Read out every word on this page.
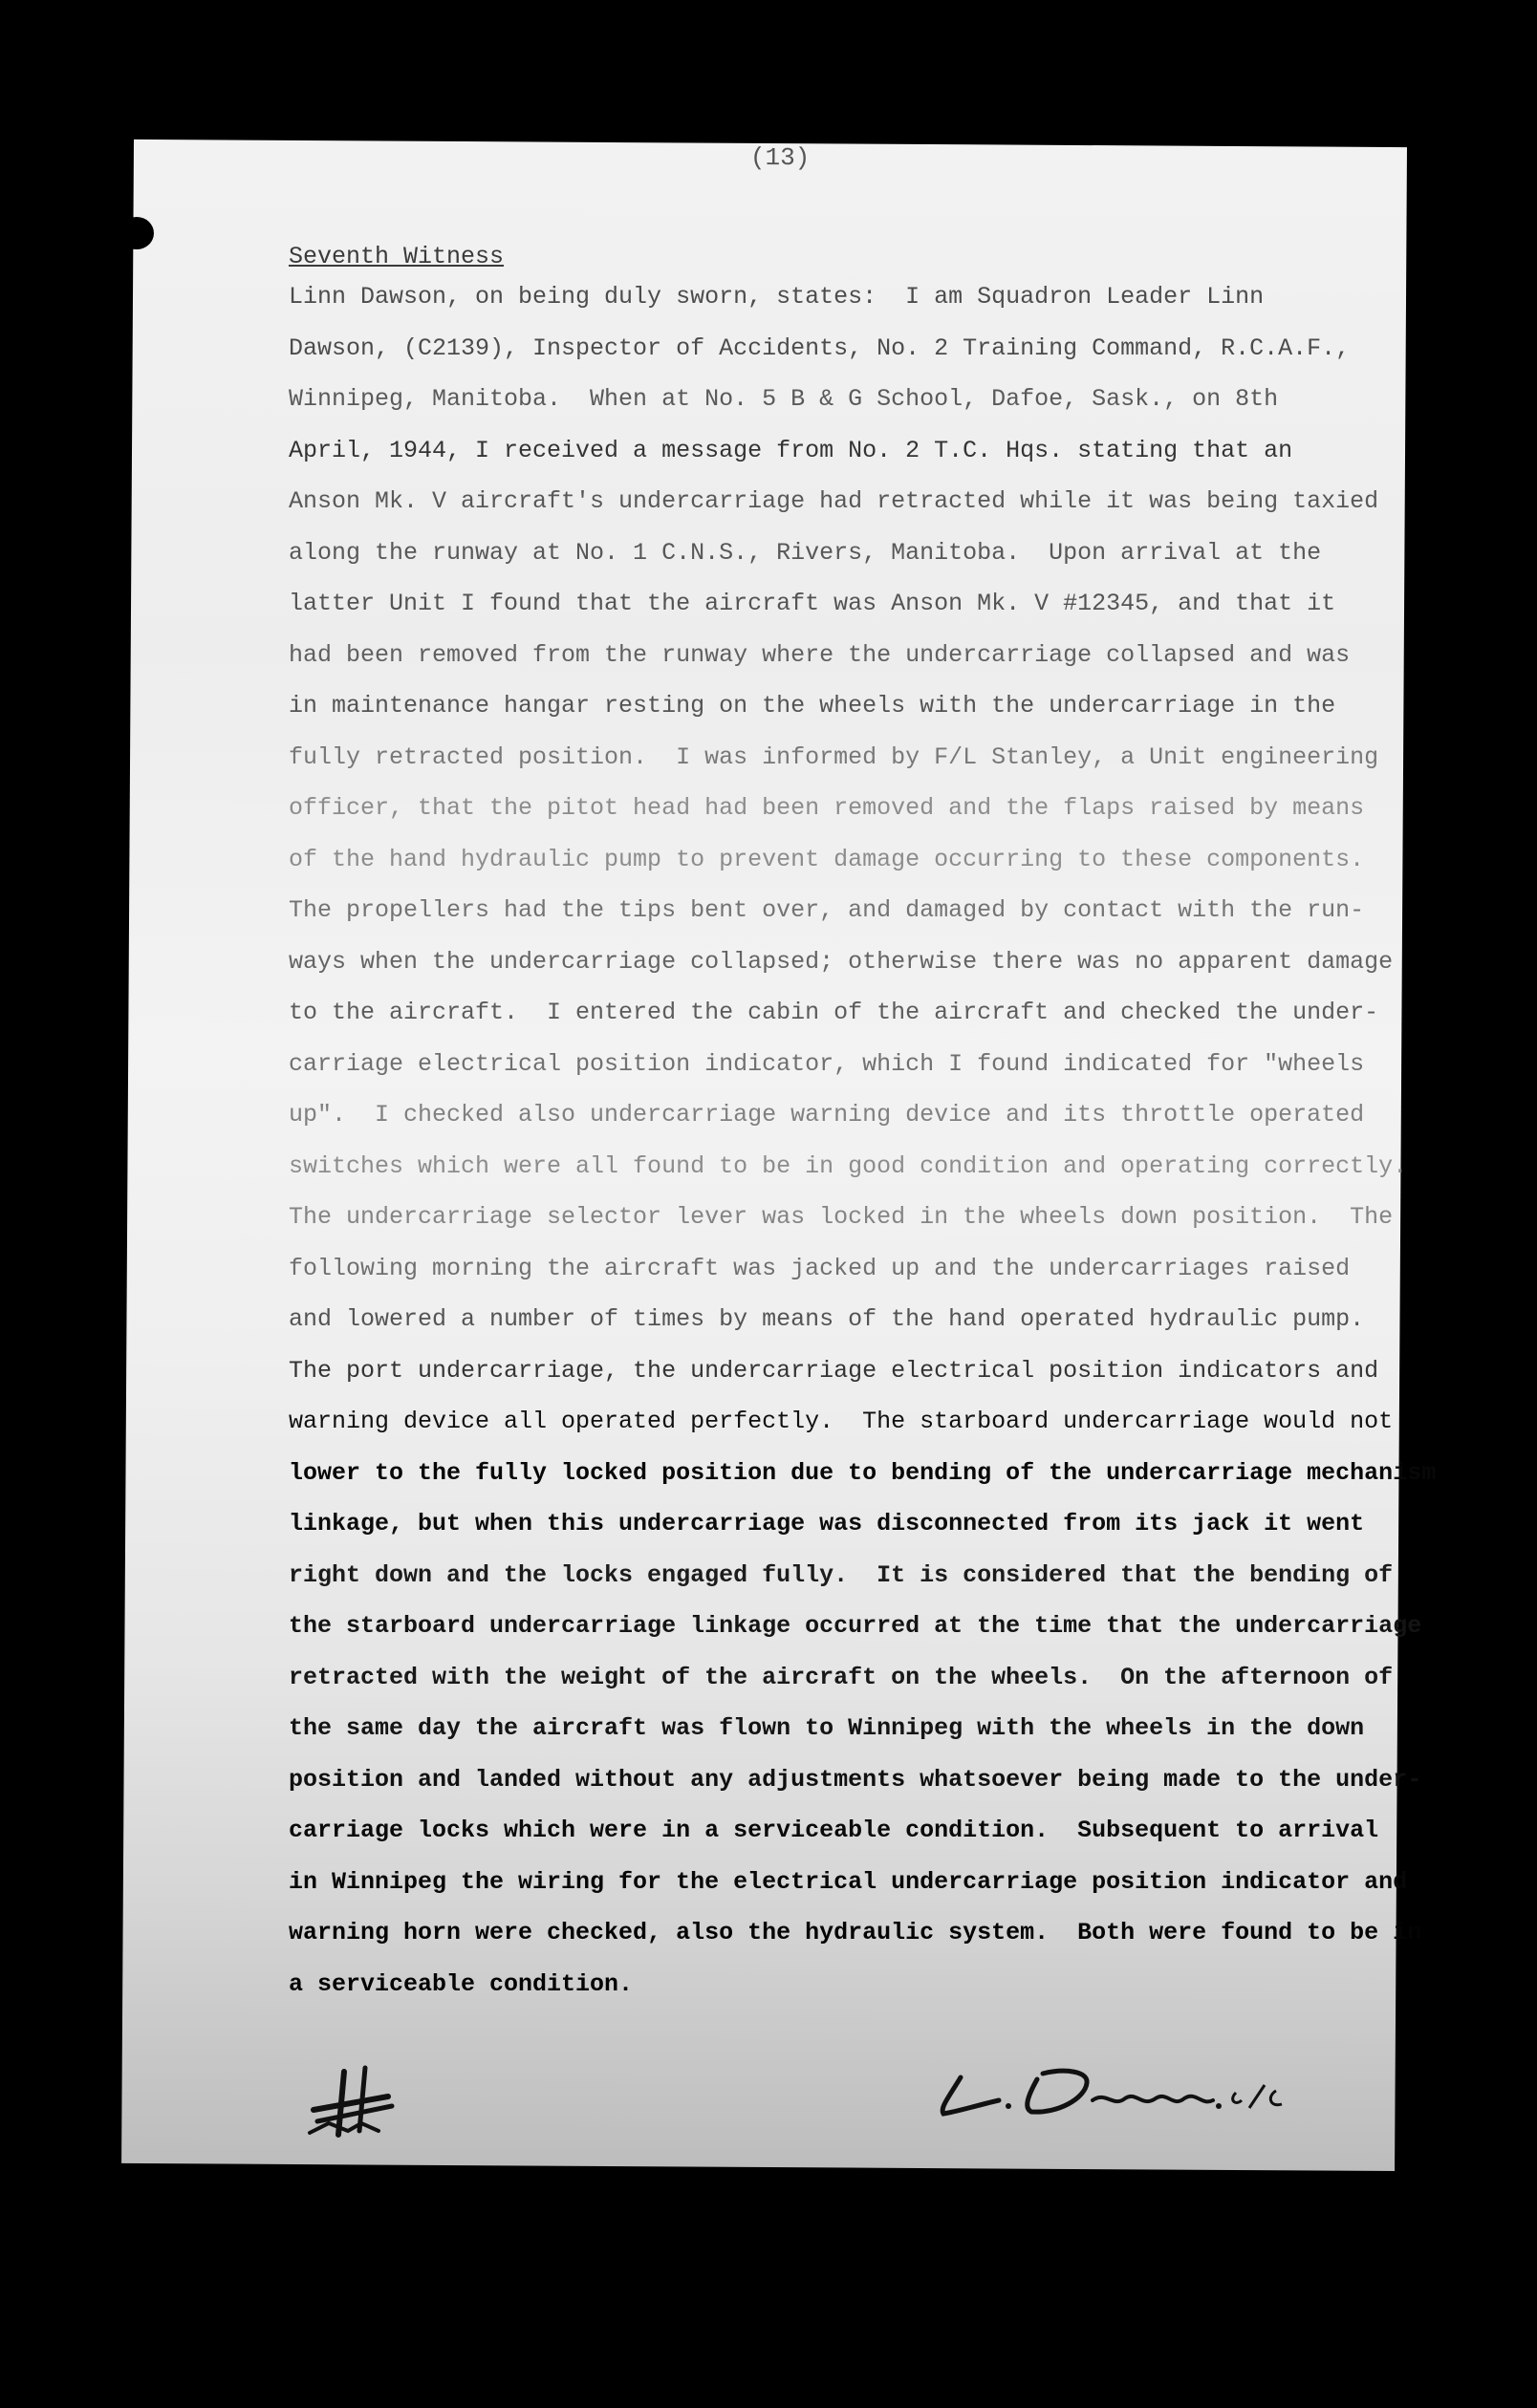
(13)
Seventh Witness
Linn Dawson, on being duly sworn, states:  I am Squadron Leader Linn
Dawson, (C2139), Inspector of Accidents, No. 2 Training Command, R.C.A.F.,
Winnipeg, Manitoba.  When at No. 5 B & G School, Dafoe, Sask., on 8th
April, 1944, I received a message from No. 2 T.C. Hqs. stating that an
Anson Mk. V aircraft's undercarriage had retracted while it was being taxied
along the runway at No. 1 C.N.S., Rivers, Manitoba.  Upon arrival at the
latter Unit I found that the aircraft was Anson Mk. V #12345, and that it
had been removed from the runway where the undercarriage collapsed and was
in maintenance hangar resting on the wheels with the undercarriage in the
fully retracted position.  I was informed by F/L Stanley, a Unit engineering
officer, that the pitot head had been removed and the flaps raised by means
of the hand hydraulic pump to prevent damage occurring to these components.
The propellers had the tips bent over, and damaged by contact with the run-
ways when the undercarriage collapsed; otherwise there was no apparent damage
to the aircraft.  I entered the cabin of the aircraft and checked the under-
carriage electrical position indicator, which I found indicated for "wheels
up".  I checked also undercarriage warning device and its throttle operated
switches which were all found to be in good condition and operating correctly.
The undercarriage selector lever was locked in the wheels down position.  The
following morning the aircraft was jacked up and the undercarriages raised
and lowered a number of times by means of the hand operated hydraulic pump.
The port undercarriage, the undercarriage electrical position indicators and
warning device all operated perfectly.  The starboard undercarriage would not
lower to the fully locked position due to bending of the undercarriage mechanism
linkage, but when this undercarriage was disconnected from its jack it went
right down and the locks engaged fully.  It is considered that the bending of
the starboard undercarriage linkage occurred at the time that the undercarriage
retracted with the weight of the aircraft on the wheels.  On the afternoon of
the same day the aircraft was flown to Winnipeg with the wheels in the down
position and landed without any adjustments whatsoever being made to the under-
carriage locks which were in a serviceable condition.  Subsequent to arrival
in Winnipeg the wiring for the electrical undercarriage position indicator and
warning horn were checked, also the hydraulic system.  Both were found to be in
a serviceable condition.
